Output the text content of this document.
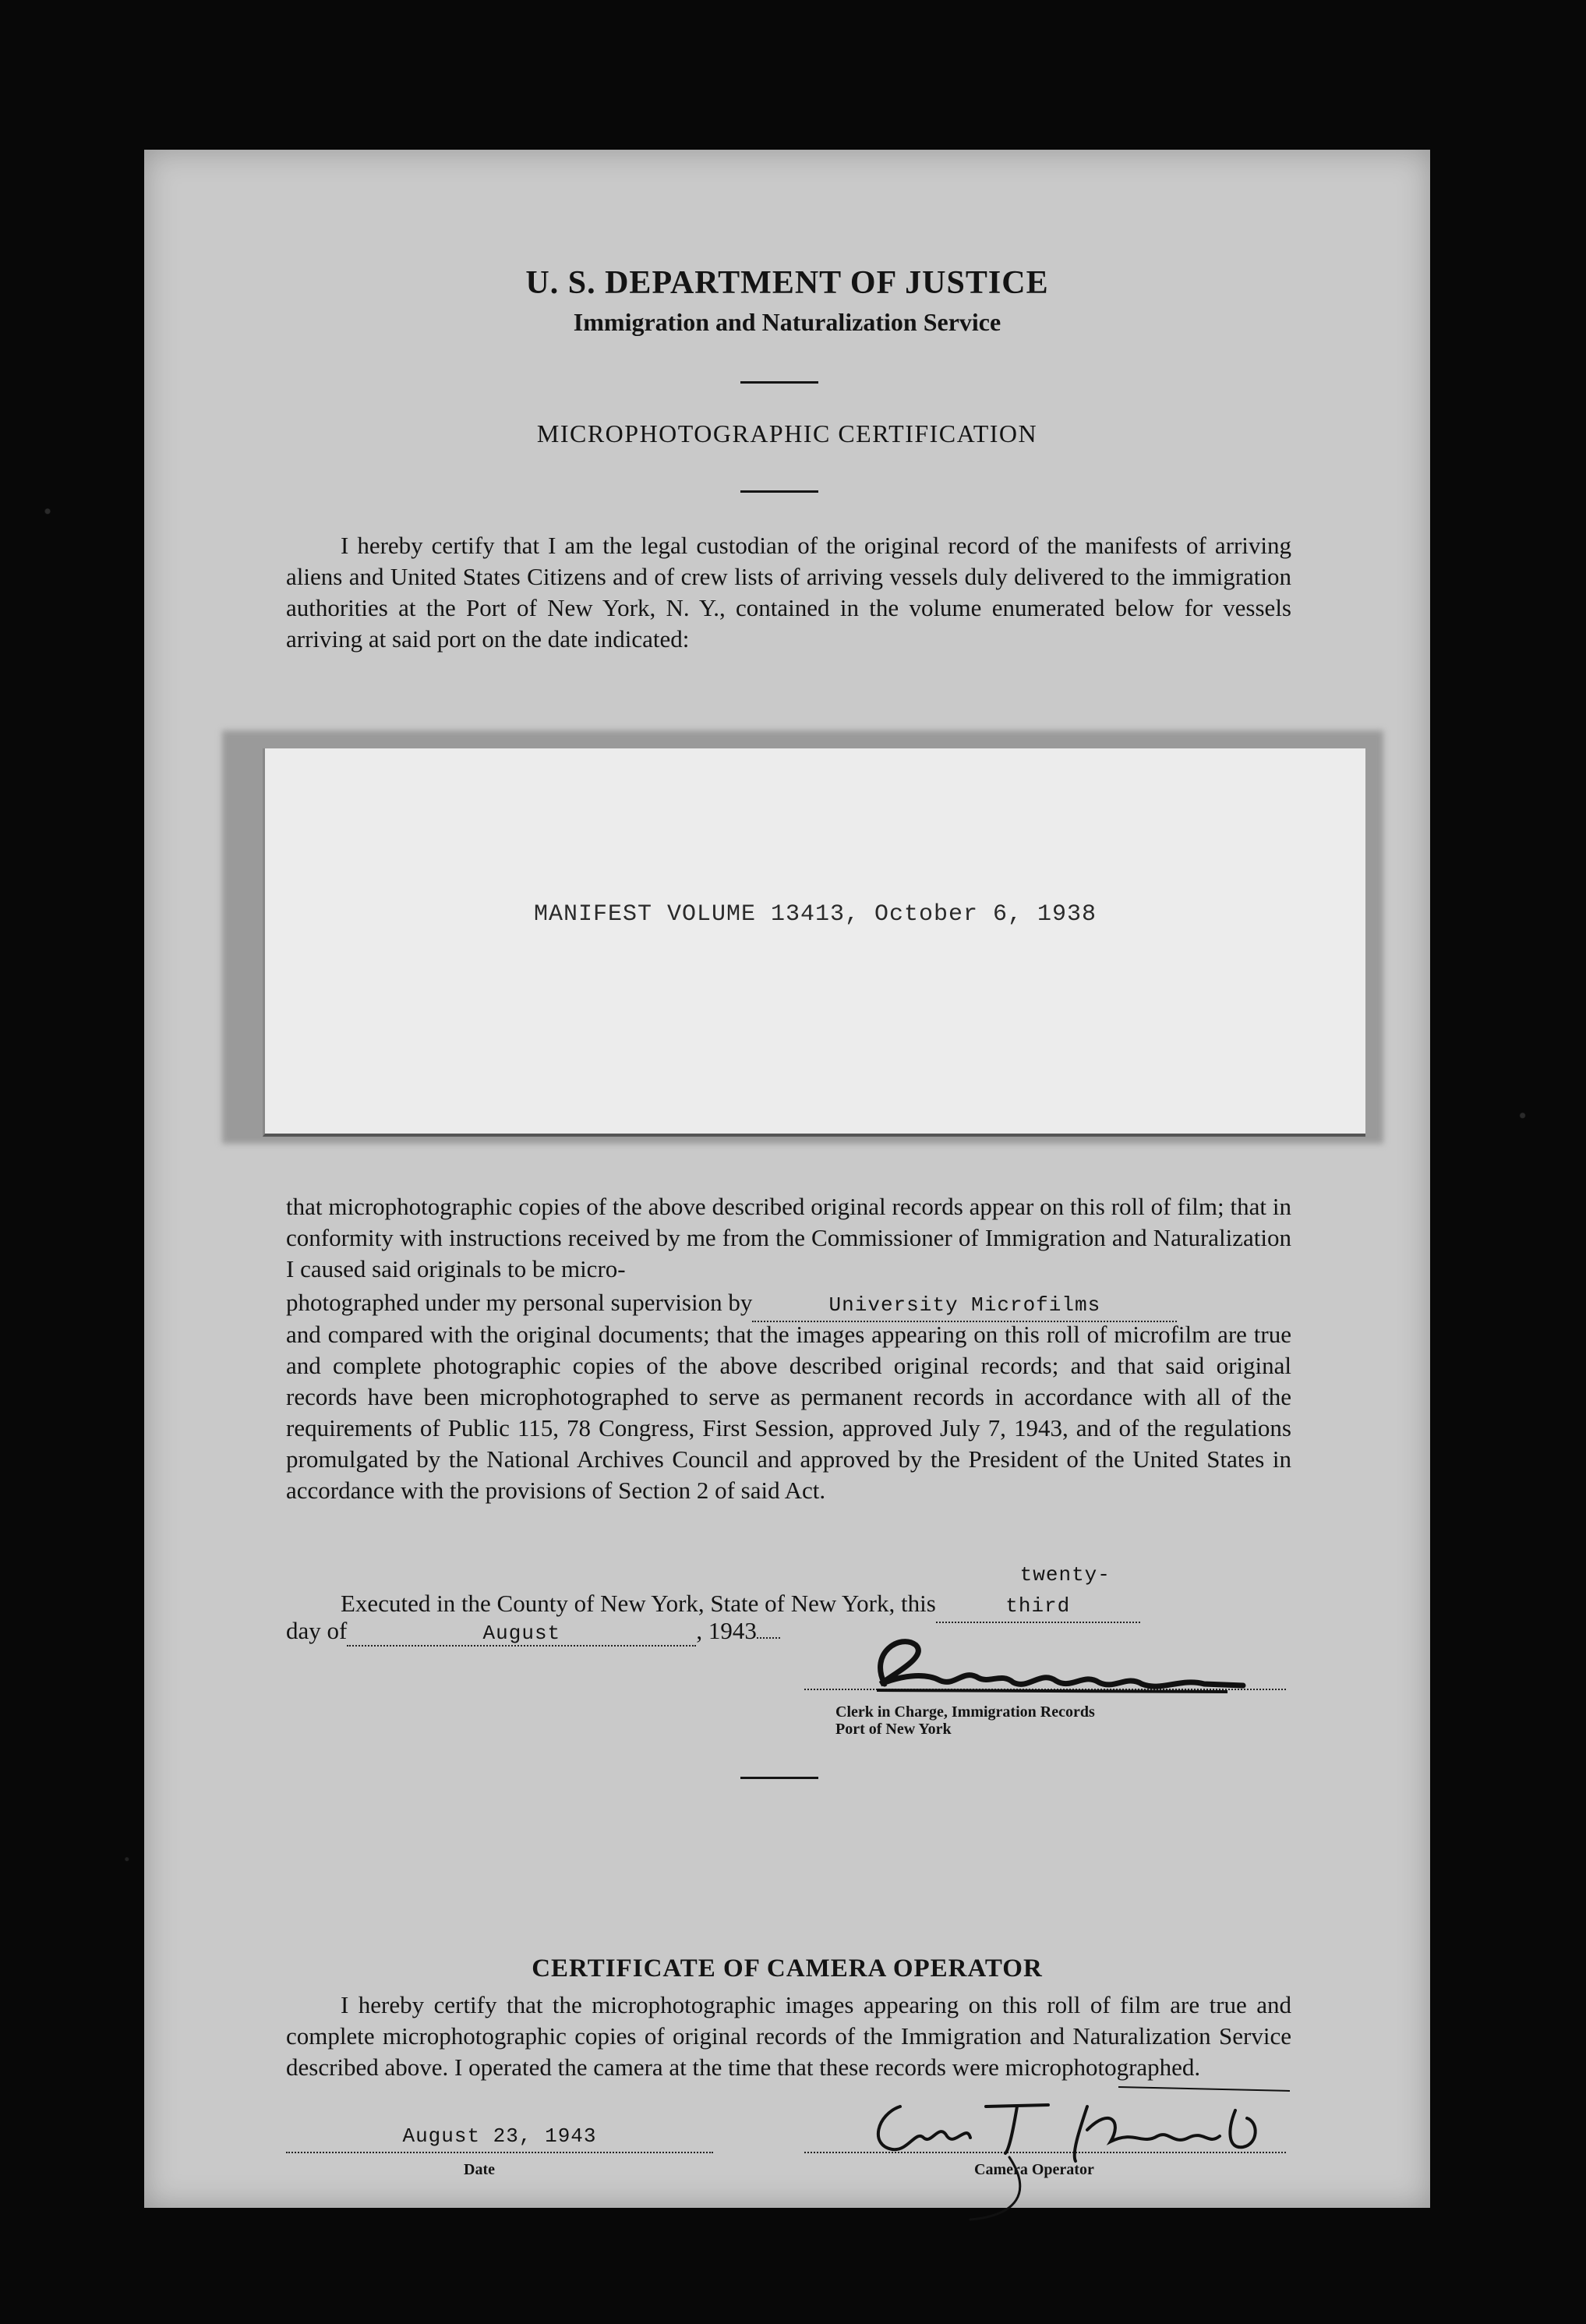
U. S. DEPARTMENT OF JUSTICE
Immigration and Naturalization Service
MICROPHOTOGRAPHIC CERTIFICATION
I hereby certify that I am the legal custodian of the original record of the manifests of arriving aliens and United States Citizens and of crew lists of arriving vessels duly delivered to the immigration authorities at the Port of New York, N. Y., contained in the volume enumerated below for vessels arriving at said port on the date indicated:
MANIFEST VOLUME 13413, October 6, 1938
that microphotographic copies of the above described original records appear on this roll of film; that in conformity with instructions received by me from the Commissioner of Immigration and Naturalization I caused said originals to be micro-
photographed under my personal supervision by	University Microfilms
and compared with the original documents; that the images appearing on this roll of microfilm are true and complete photographic copies of the above described original records; and that said original records have been microphotographed to serve as permanent records in accordance with all of the requirements of Public 115, 78 Congress, First Session, approved July 7, 1943, and of the regulations promulgated by the National Archives Council and approved by the President of the United States in accordance with the provisions of Section 2 of said Act.
Executed in the County of New York, State of New York, thistwenty-third
day of	August	, 1943
Clerk in Charge, Immigration Records
Port of New York
CERTIFICATE OF CAMERA OPERATOR
I hereby certify that the microphotographic images appearing on this roll of film are true and complete microphotographic copies of original records of the Immigration and Naturalization Service described above. I operated the camera at the time that these records were microphotographed.
August 23, 1943
Date	Camera Operator
